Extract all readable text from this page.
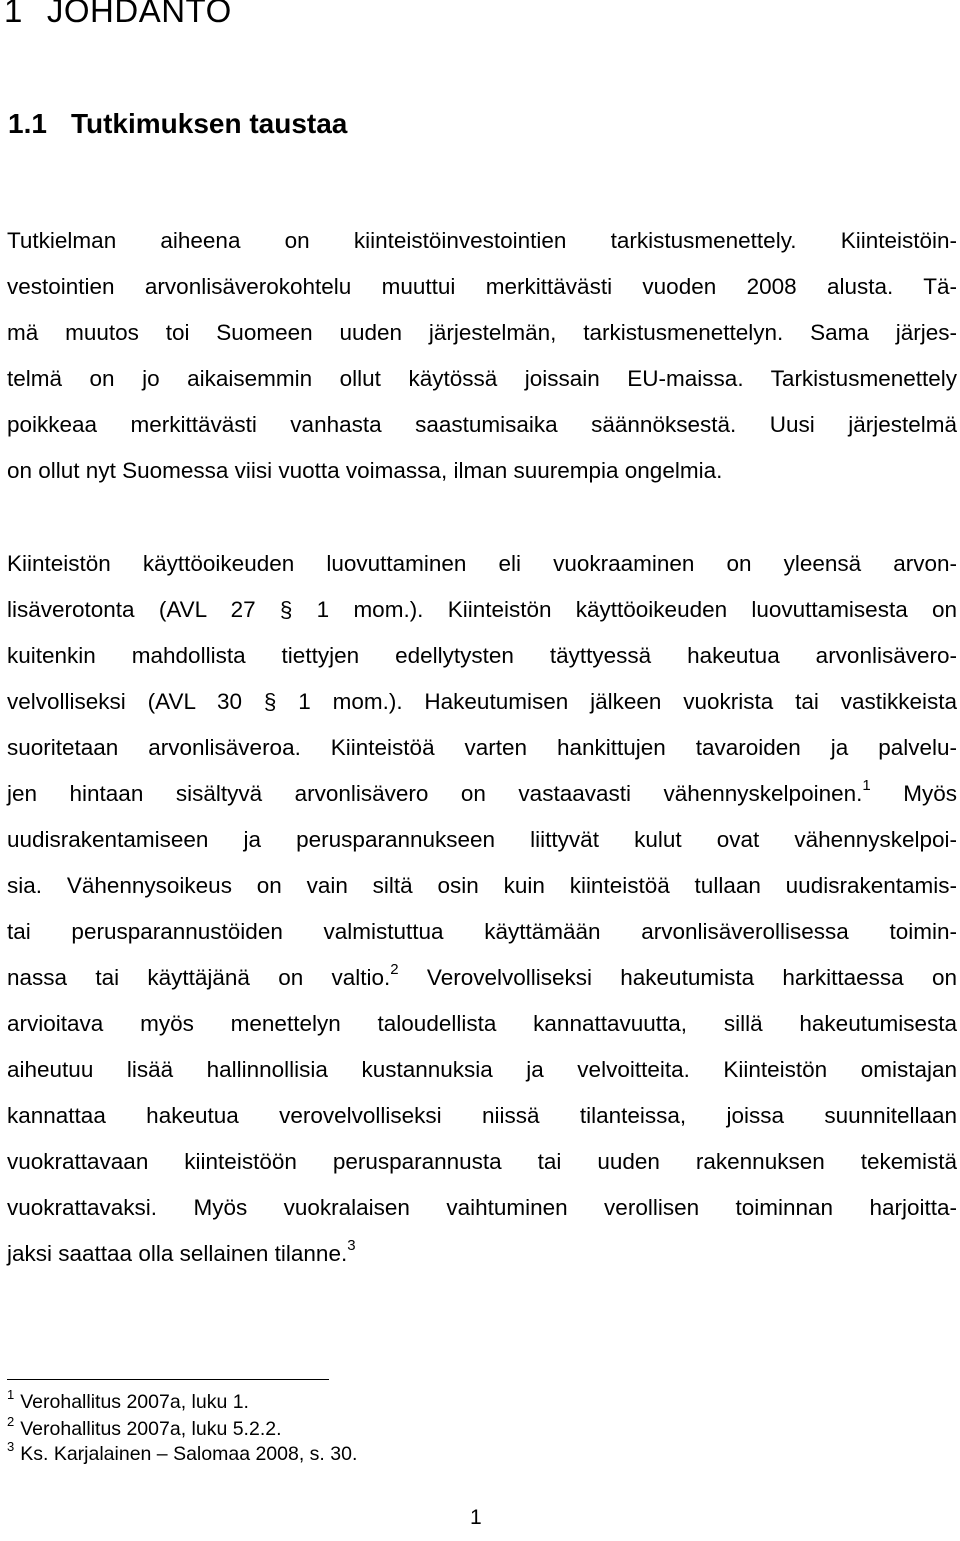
1 JOHDANTO
1.1 Tutkimuksen taustaa
Tutkielman aiheena on kiinteistöinvestointien tarkistusmenettely. Kiinteistöin-
vestointien arvonlisäverokohtelu muuttui merkittävästi vuoden 2008 alusta. Tä-
mä muutos toi Suomeen uuden järjestelmän, tarkistusmenettelyn. Sama järjes-
telmä on jo aikaisemmin ollut käytössä joissain EU-maissa. Tarkistusmenettely
poikkeaa merkittävästi vanhasta saastumisaika säännöksestä. Uusi järjestelmä
on ollut nyt Suomessa viisi vuotta voimassa, ilman suurempia ongelmia.
Kiinteistön käyttöoikeuden luovuttaminen eli vuokraaminen on yleensä arvon-
lisäverotonta (AVL 27 § 1 mom.). Kiinteistön käyttöoikeuden luovuttamisesta on
kuitenkin mahdollista tiettyjen edellytysten täyttyessä hakeutua arvonlisävero-
velvolliseksi (AVL 30 § 1 mom.). Hakeutumisen jälkeen vuokrista tai vastikkeista
suoritetaan arvonlisäveroa. Kiinteistöä varten hankittujen tavaroiden ja palvelu-
jen hintaan sisältyvä arvonlisävero on vastaavasti vähennyskelpoinen.$^1$ Myös
uudisrakentamiseen ja perusparannukseen liittyvät kulut ovat vähennyskelpoi-
sia. Vähennysoikeus on vain siltä osin kuin kiinteistöä tullaan uudisrakentamis-
tai perusparannustöiden valmistuttua käyttämään arvonlisäverollisessa toimin-
nassa tai käyttäjänä on valtio.$^2$ Verovelvolliseksi hakeutumista harkittaessa on
arvioitava myös menettelyn taloudellista kannattavuutta, sillä hakeutumisesta
aiheutuu lisää hallinnollisia kustannuksia ja velvoitteita. Kiinteistön omistajan
kannattaa hakeutua verovelvolliseksi niissä tilanteissa, joissa suunnitellaan
vuokrattavaan kiinteistöön perusparannusta tai uuden rakennuksen tekemistä
vuokrattavaksi. Myös vuokralaisen vaihtuminen verollisen toiminnan harjoitta-
jaksi saattaa olla sellainen tilanne.$^3$
$^1$ Verohallitus 2007a, luku 1.
$^2$ Verohallitus 2007a, luku 5.2.2.
$^3$ Ks. Karjalainen – Salomaa 2008, s. 30.
1
